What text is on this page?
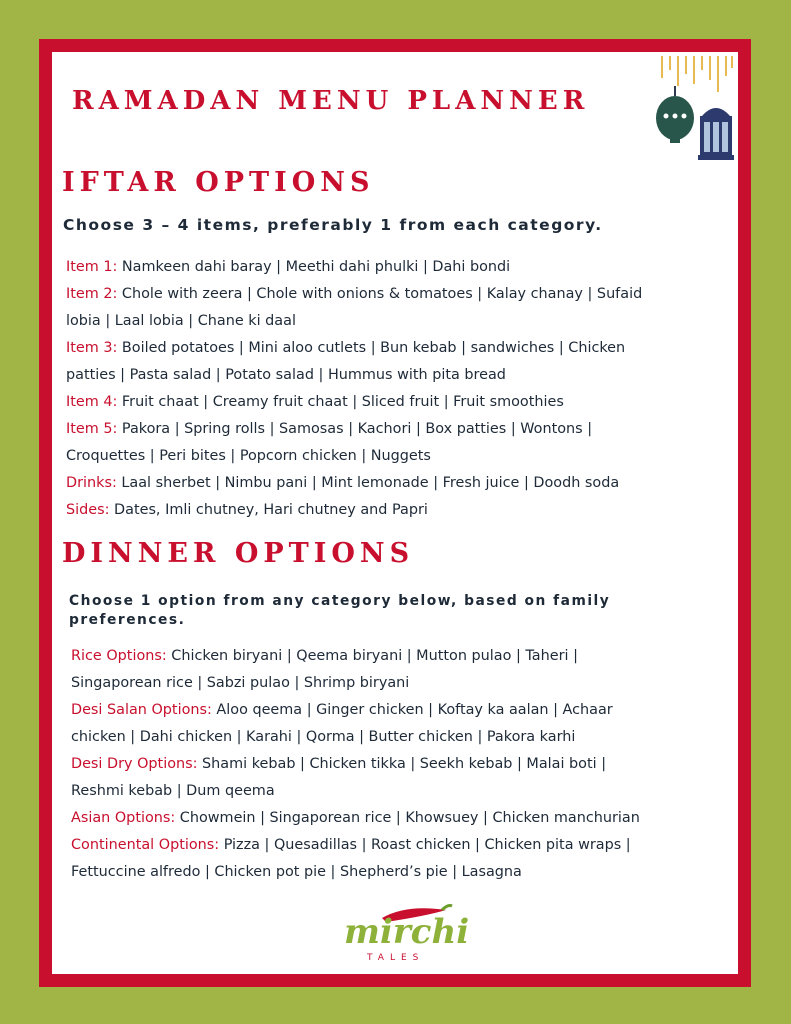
RAMADAN MENU PLANNER
IFTAR OPTIONS
Choose 3 – 4 items, preferably 1 from each category.
Item 1: Namkeen dahi baray | Meethi dahi phulki | Dahi bondi
Item 2: Chole with zeera | Chole with onions & tomatoes | Kalay chanay | Sufaid
lobia | Laal lobia | Chane ki daal
Item 3: Boiled potatoes | Mini aloo cutlets | Bun kebab | sandwiches | Chicken
patties | Pasta salad | Potato salad | Hummus with pita bread
Item 4: Fruit chaat | Creamy fruit chaat | Sliced fruit | Fruit smoothies
Item 5: Pakora | Spring rolls | Samosas | Kachori | Box patties | Wontons |
Croquettes | Peri bites | Popcorn chicken | Nuggets
Drinks: Laal sherbet | Nimbu pani | Mint lemonade | Fresh juice | Doodh soda
Sides: Dates, Imli chutney, Hari chutney and Papri
DINNER OPTIONS
Choose 1 option from any category below, based on family
preferences.
Rice Options: Chicken biryani | Qeema biryani | Mutton pulao | Taheri |
Singaporean rice | Sabzi pulao | Shrimp biryani
Desi Salan Options: Aloo qeema | Ginger chicken | Koftay ka aalan | Achaar
chicken | Dahi chicken | Karahi | Qorma | Butter chicken | Pakora karhi
Desi Dry Options: Shami kebab | Chicken tikka | Seekh kebab | Malai boti |
Reshmi kebab | Dum qeema
Asian Options: Chowmein | Singaporean rice | Khowsuey | Chicken manchurian
Continental Options: Pizza | Quesadillas | Roast chicken | Chicken pita wraps |
Fettuccine alfredo | Chicken pot pie | Shepherd’s pie | Lasagna
mirchi
TALES
